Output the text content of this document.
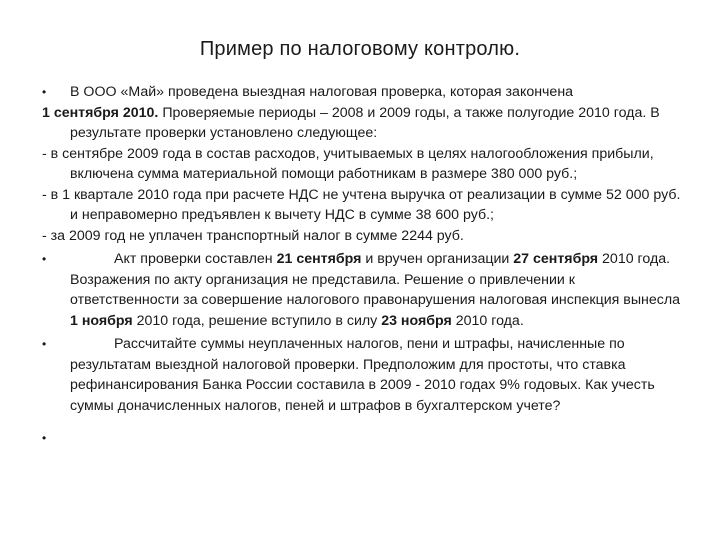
Пример по налоговому контролю.

• В ООО «Май» проведена выездная налоговая проверка, которая закончена
1 сентября 2010. Проверяемые периоды – 2008 и 2009 годы, а также полугодие 2010 года. В результате проверки установлено следующее:

- в сентябре 2009 года в состав расходов, учитываемых в целях налогообложения прибыли, включена сумма материальной помощи работникам в размере 380 000 руб.;

- в 1 квартале 2010 года при расчете НДС не учтена выручка от реализации в сумме 52 000 руб. и неправомерно предъявлен к вычету НДС в сумме 38 600 руб.;

- за 2009 год не уплачен транспортный налог в сумме 2244 руб.

•	Акт проверки составлен 21 сентября и вручен организации 27 сентября 2010 года. Возражения по акту организация не представила. Решение о привлечении к ответственности за совершение налогового правонарушения налоговая инспекция вынесла 1 ноября 2010 года, решение вступило в силу 23 ноября 2010 года.

•	Рассчитайте суммы неуплаченных налогов, пени и штрафы, начисленные по результатам выездной налоговой проверки. Предположим для простоты, что ставка рефинансирования Банка России составила в 2009 - 2010 годах 9% годовых. Как учесть суммы доначисленных налогов, пеней и штрафов в бухгалтерском учете?

•
